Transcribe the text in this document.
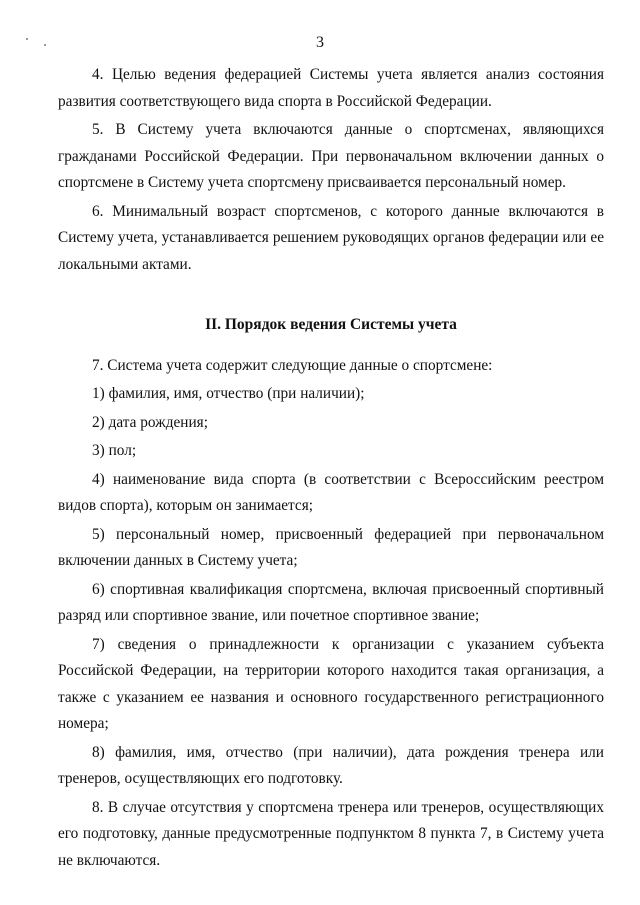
3

4. Целью ведения федерацией Системы учета является анализ состояния развития соответствующего вида спорта в Российской Федерации.

5. В Систему учета включаются данные о спортсменах, являющихся гражданами Российской Федерации. При первоначальном включении данных о спортсмене в Систему учета спортсмену присваивается персональный номер.

6. Минимальный возраст спортсменов, с которого данные включаются в Систему учета, устанавливается решением руководящих органов федерации или ее локальными актами.

II. Порядок ведения Системы учета

7. Система учета содержит следующие данные о спортсмене:

1) фамилия, имя, отчество (при наличии);

2) дата рождения;

3) пол;

4) наименование вида спорта (в соответствии с Всероссийским реестром видов спорта), которым он занимается;

5) персональный номер, присвоенный федерацией при первоначальном включении данных в Систему учета;

6) спортивная квалификация спортсмена, включая присвоенный спортивный разряд или спортивное звание, или почетное спортивное звание;

7) сведения о принадлежности к организации с указанием субъекта Российской Федерации, на территории которого находится такая организация, а также с указанием ее названия и основного государственного регистрационного номера;

8) фамилия, имя, отчество (при наличии), дата рождения тренера или тренеров, осуществляющих его подготовку.

8. В случае отсутствия у спортсмена тренера или тренеров, осуществляющих его подготовку, данные предусмотренные подпунктом 8 пункта 7, в Систему учета не включаются.
